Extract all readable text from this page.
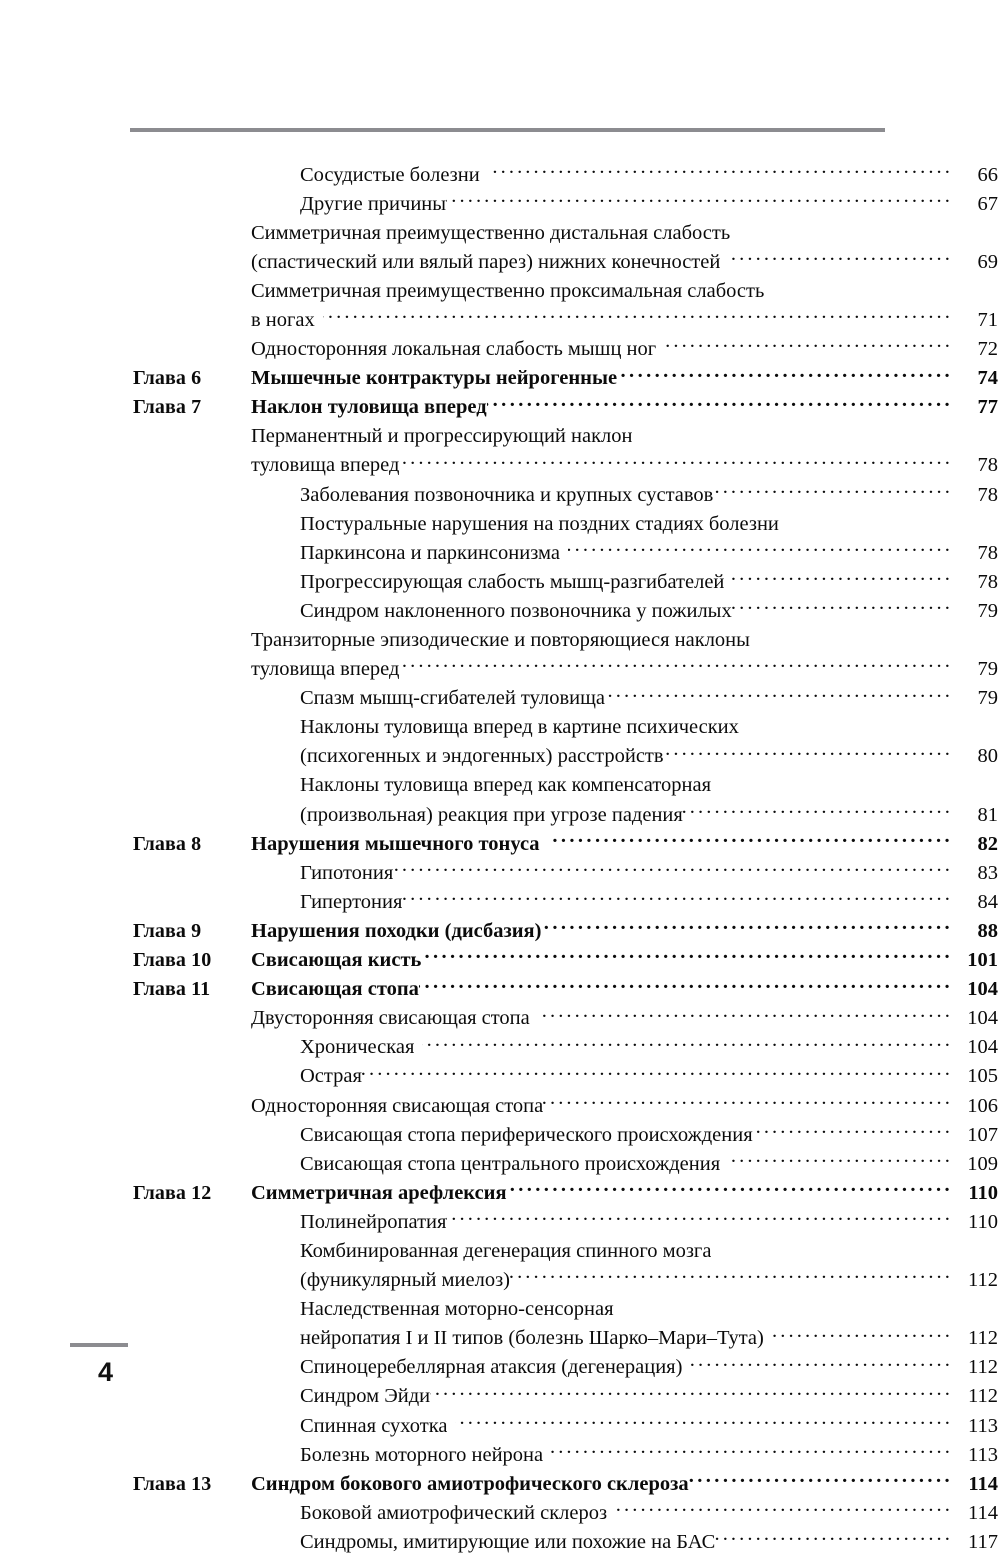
Сосудистые болезни .....	66
Другие причины .....	67
Симметричная преимущественно дистальная слабость
(спастический или вялый парез) нижних конечностей .....	69
Симметричная преимущественно проксимальная слабость
в ногах .....	71
Односторонняя локальная слабость мышц ног .....	72
Глава 6	Мышечные контрактуры нейрогенные .....	74
Глава 7	Наклон туловища вперед .....	77
Перманентный и прогрессирующий наклон
туловища вперед .....	78
Заболевания позвоночника и крупных суставов .....	78
Постуральные нарушения на поздних стадиях болезни
Паркинсона и паркинсонизма .....	78
Прогрессирующая слабость мышц-разгибателей .....	78
Синдром наклоненного позвоночника у пожилых .....	79
Транзиторные эпизодические и повторяющиеся наклоны
туловища вперед .....	79
Спазм мышц-сгибателей туловища .....	79
Наклоны туловища вперед в картине психических
(психогенных и эндогенных) расстройств .....	80
Наклоны туловища вперед как компенсаторная
(произвольная) реакция при угрозе падения .....	81
Глава 8	Нарушения мышечного тонуса .....	82
Гипотония .....	83
Гипертония .....	84
Глава 9	Нарушения походки (дисбазия) .....	88
Глава 10	Свисающая кисть .....	101
Глава 11	Свисающая стопа .....	104
Двусторонняя свисающая стопа .....	104
Хроническая .....	104
Острая .....	105
Односторонняя свисающая стопа .....	106
Свисающая стопа периферического происхождения .....	107
Свисающая стопа центрального происхождения .....	109
Глава 12	Симметричная арефлексия .....	110
Полинейропатия .....	110
Комбинированная дегенерация спинного мозга
(фуникулярный миелоз) .....	112
Наследственная моторно-сенсорная
нейропатия I и II типов (болезнь Шарко–Мари–Тута) .....	112
Спиноцеребеллярная атаксия (дегенерация) .....	112
Синдром Эйди .....	112
Спинная сухотка .....	113
Болезнь моторного нейрона .....	113
Глава 13	Синдром бокового амиотрофического склероза .....	114
Боковой амиотрофический склероз .....	114
Синдромы, имитирующие или похожие на БАС .....	117
4
